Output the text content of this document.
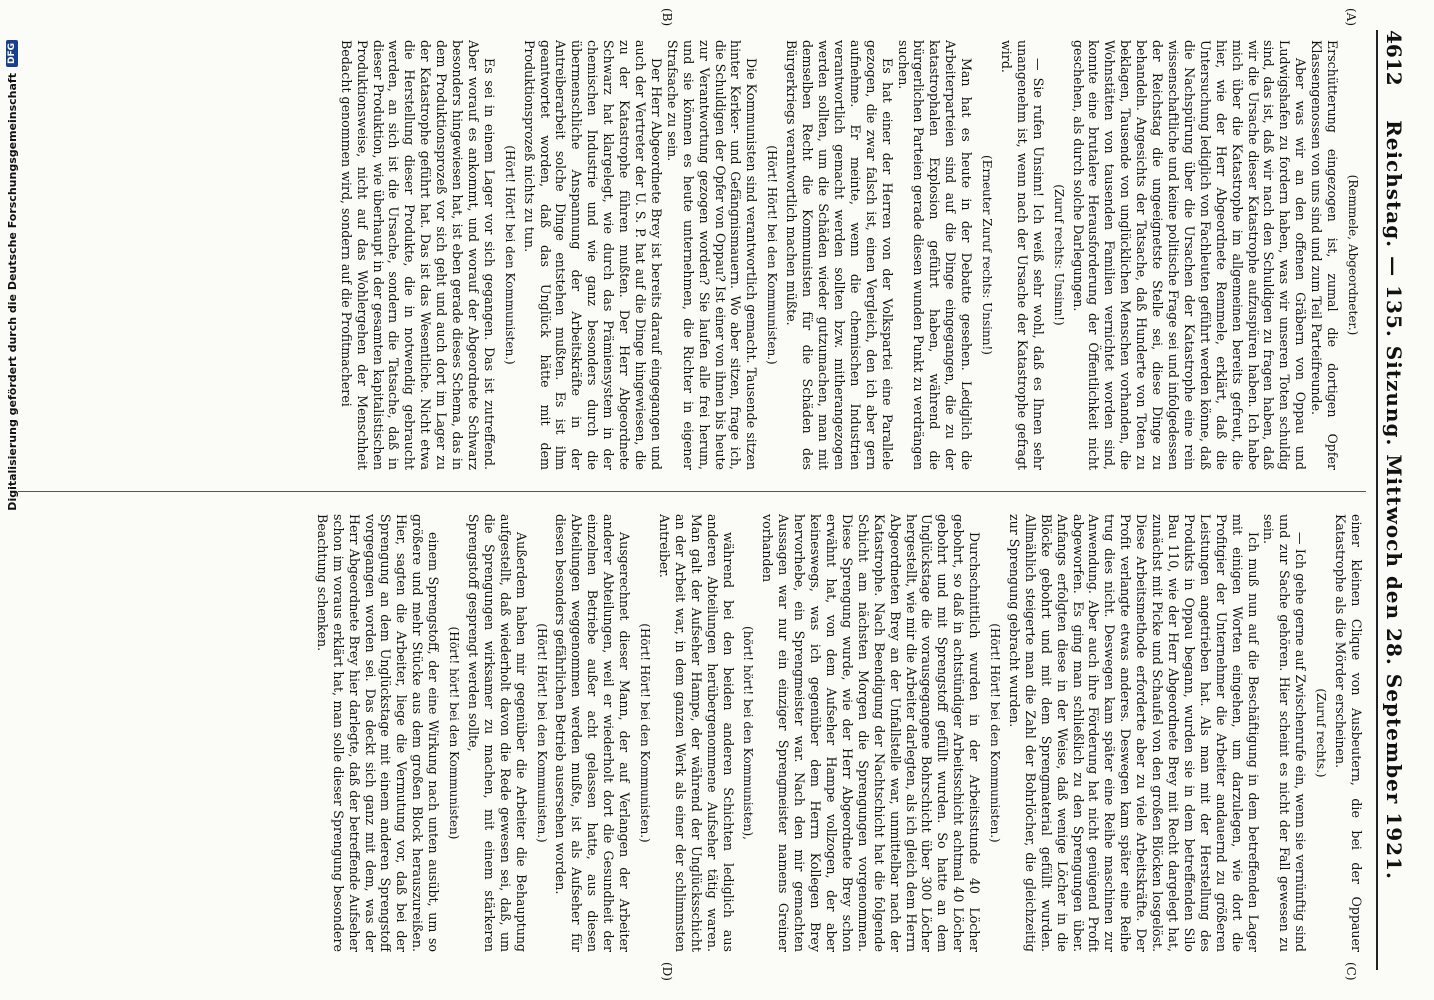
4612
Reichstag. — 135. Sitzung. Mittwoch den 28. September 1921.
(A)
(B)
(C)
(D)

(Remmele, Abgeordneter.)

Erschütterung eingezogen ist, zumal die dortigen Opfer Klassengenossen von uns sind und zum Teil Parteifreunde.

Aber was wir an den offenen Gräbern von Oppau und Ludwigshafen zu fordern haben, was wir unseren Toten schuldig sind, das ist, daß wir nach den Schuldigen zu fragen haben, daß wir die Ursache dieser Katastrophe aufzuspüren haben. Ich habe mich über die Katastrophe im allgemeinen bereits gefreut, die hier, wie der Herr Abgeordnete Remmele, erklärt, daß die Untersuchung lediglich von Fachleuten geführt werden könne, daß die Nachspürung über die Ursachen der Katastrophe eine rein wissenschaftliche und keine politische Frage sei und infolgedessen der Reichstag die ungeeignetste Stelle sei, diese Dinge zu behandeln. Angesichts der Tatsache, daß Hunderte von Toten zu beklagen, Tausende von unglücklichen Menschen vorhanden, die Wohnstätten von tausenden Familien vernichtet worden sind, konnte eine brutalere Herausforderung der Öffentlichkeit nicht geschehen, als durch solche Darlegungen.

(Zuruf rechts: Unsinn!)

— Sie rufen Unsinn! Ich weiß sehr wohl, daß es Ihnen sehr unangenehm ist, wenn nach der Ursache der Katastrophe gefragt wird.

(Erneuter Zuruf rechts: Unsinn!)

Man hat es heute in der Debatte gesehen. Lediglich die Arbeiterparteien sind auf die Dinge eingegangen, die zu der katastrophalen Explosion geführt haben, während die bürgerlichen Parteien gerade diesen wunden Punkt zu verdrängen suchen.

Es hat einer der Herren von der Volkspartei eine Parallele gezogen, die zwar falsch ist, einen Vergleich, den ich aber gern aufnehme. Er meinte, wenn die chemischen Industrien verantwortlich gemacht werden sollten bzw. mitherangezogen werden sollten, um die Schäden wieder gutzumachen, man mit demselben Recht die Kommunisten für die Schäden des Bürgerkriegs verantwortlich machen müßte.

(Hört! Hört! bei den Kommunisten.)

Die Kommunisten sind verantwortlich gemacht. Tausende sitzen hinter Kerker- und Gefängnismauern. Wo aber sitzen, frage ich, die Schuldigen der Opfer von Oppau? Ist einer von ihnen bis heute zur Verantwortung gezogen worden? Sie laufen alle frei herum, und sie können es heute unternehmen, die Richter in eigener Strafsache zu sein.

Der Herr Abgeordnete Brey ist bereits darauf eingegangen und auch der Vertreter der U. S. P. hat auf die Dinge hingewiesen, die zu der Katastrophe führen mußten. Der Herr Abgeordnete Schwarz hat klargelegt, wie durch das Prämiensystem in der chemischen Industrie und wie ganz besonders durch die übermenschliche Anspannung der Arbeitskräfte in der Antreiberarbeit solche Dinge entstehen mußten. Es ist ihm geantwortet worden, daß das Unglück hätte mit dem Produktionsprozeß nichts zu tun.

(Hört! Hört! bei den Kommunisten.)

Es sei in einem Lager vor sich gegangen. Das ist zutreffend. Aber worauf es ankommt, und worauf der Abgeordnete Schwarz besonders hingewiesen hat, ist eben gerade dieses Schema, das in dem Produktionsprozeß vor sich geht und auch dort im Lager zu der Katastrophe geführt hat. Das ist das Wesentliche. Nicht etwa die Herstellung dieser Produkte, die in notwendig gebraucht werden, an sich ist die Ursache, sondern die Tatsache, daß in dieser Produktion, wie überhaupt in der gesamten kapitalistischen Produktionsweise, nicht auf das Wohlergehen der Menschheit Bedacht genommen wird, sondern auf die Profitmacherei

einer kleinen Clique von Ausbeutern, die bei der Oppauer Katastrophe als die Mörder erscheinen.

(Zuruf rechts.)

— Ich gehe gerne auf Zwischenrufe ein, wenn sie vernünftig sind und zur Sache gehören. Hier scheint es nicht der Fall gewesen zu sein.

Ich muß nun auf die Beschäftigung in dem betreffenden Lager mit einigen Worten eingehen, um darzulegen, wie dort die Profitgier der Unternehmer die Arbeiter andauernd zu größeren Leistungen angetrieben hat. Als man mit der Herstellung des Produkts in Oppau begann, wurden sie in dem betreffenden Silo Bau 110, wie der Herr Abgeordnete Brey mit Recht dargelegt hat, zunächst mit Picke und Schaufel von den großen Blöcken losgelöst. Diese Arbeitsmethode erforderte aber zu viele Arbeitskräfte. Der Profit verlangte etwas anderes. Deswegen kam später eine Reihe trug dies nicht. Deswegen kam später eine Reihe maschinen zur Anwendung. Aber auch ihre Förderung hat nicht genügend Profit abgeworfen. Es ging man schließlich zu den Sprengungen über. Anfangs erfolgten diese in der Weise, daß wenige Löcher in die Blöcke gebohrt und mit dem Sprengmaterial gefüllt wurden. Allmählich steigerte man die Zahl der Bohrlöcher, die gleichzeitig zur Sprengung gebracht wurden.

(Hört! Hört! bei den Kommunisten.)

Durchschnittlich wurden in der Arbeitsstunde 40 Löcher gebohrt, so daß in achtstündiger Arbeitsschicht achtmal 40 Löcher gebohrt und mit Sprengstoff gefüllt wurden. So hatte an dem Unglückstage die vorausgegangene Bohrschicht über 300 Löcher hergestellt, wie mir die Arbeiter darlegten, als ich gleich dem Herrn Abgeordneten Brey an der Unfallstelle war, unmittelbar nach der Katastrophe. Nach Beendigung der Nachtschicht hat die folgende Schicht am nächsten Morgen die Sprengungen vorgenommen. Diese Sprengung wurde, wie der Herr Abgeordnete Brey schon erwähnt hat, von dem Aufseher Hampe vollzogen, der aber keineswegs, was ich gegenüber dem Herrn Kollegen Brey hervorhebe, ein Sprengmeister war. Nach den mir gemachten Aussagen war nur ein einziger Sprengmeister namens Greiner vorhanden

(hört! hört! bei den Kommunisten),

während bei den beiden anderen Schichten lediglich aus anderen Abteilungen herübergenommene Aufseher tätig waren. Man galt der Aufseher Hampe, der während der Unglücksschicht an der Arbeit war, in dem ganzen Werk als einer der schlimmsten Antreiber.

(Hört! Hört! bei den Kommunisten.)

Ausgerechnet dieser Mann, der auf Verlangen der Arbeiter anderer Abteilungen, weil er wiederholt dort die Gesundheit der einzelnen Betriebe außer acht gelassen hatte, aus diesen Abteilungen weggenommen werden mußte, ist als Aufseher für diesen besonders gefährlichen Betrieb ausersehen worden.

(Hört! Hört! bei den Kommunisten.)

Außerdem haben mir gegenüber die Arbeiter die Behauptung aufgestellt, daß wiederholt davon die Rede gewesen sei, daß, um die Sprengungen wirksamer zu machen, mit einem stärkeren Sprengstoff gesprengt werden sollte,

(Hört! hört! bei den Kommunisten)

einem Sprengstoff, der eine Wirkung nach unten ausübt, um so größere und mehr Stücke aus dem großen Block herauszureißen. Hier, sagten die Arbeiter, liege die Vermutung vor, daß bei der Sprengung an dem Unglückstage mit einem anderen Sprengstoff vorgegangen worden sei. Das deckt sich ganz mit dem, was der Herr Abgeordnete Brey hier darlegte, daß der betreffende Aufseher schon im voraus erklärt hat, man solle dieser Sprengung besondere Beachtung schenken.

Digitalisierung gefördert durch die Deutsche Forschungsgemeinschaft
DFG
